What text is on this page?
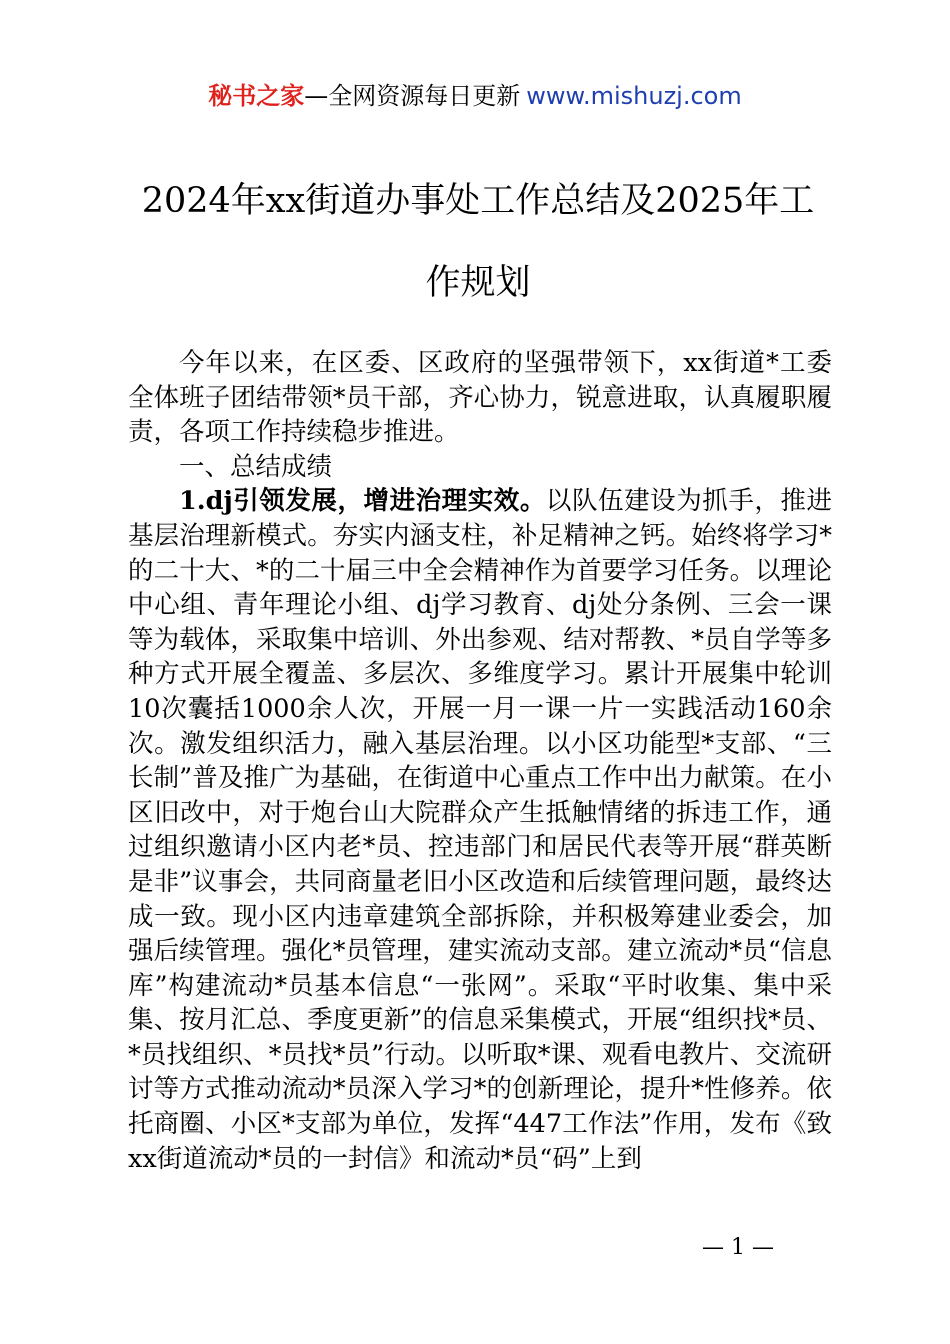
秘书之家—全网资源每日更新 www.mishuzj.com
2024年xx街道办事处工作总结及2025年工作规划

今年以来，在区委、区政府的坚强带领下，xx街道*工委全体班子团结带领*员干部，齐心协力，锐意进取，认真履职履责，各项工作持续稳步推进。

一、总结成绩

1.dj引领发展，增进治理实效。以队伍建设为抓手，推进基层治理新模式。夯实内涵支柱，补足精神之钙。始终将学习*的二十大、*的二十届三中全会精神作为首要学习任务。以理论中心组、青年理论小组、dj学习教育、dj处分条例、三会一课等为载体，采取集中培训、外出参观、结对帮教、*员自学等多种方式开展全覆盖、多层次、多维度学习。累计开展集中轮训10次囊括1000余人次，开展一月一课一片一实践活动160余次。激发组织活力，融入基层治理。以小区功能型*支部、“三长制”普及推广为基础，在街道中心重点工作中出力献策。在小区旧改中，对于炮台山大院群众产生抵触情绪的拆违工作，通过组织邀请小区内老*员、控违部门和居民代表等开展“群英断是非”议事会，共同商量老旧小区改造和后续管理问题，最终达成一致。现小区内违章建筑全部拆除，并积极筹建业委会，加强后续管理。强化*员管理，建实流动支部。建立流动*员“信息库”构建流动*员基本信息“一张网”。采取“平时收集、集中采集、按月汇总、季度更新”的信息采集模式，开展“组织找*员、*员找组织、*员找*员”行动。以听取*课、观看电教片、交流研讨等方式推动流动*员深入学习*的创新理论，提升*性修养。依托商圈、小区*支部为单位，发挥“447工作法”作用，发布《致xx街道流动*员的一封信》和流动*员“码”上到

— 1 —
